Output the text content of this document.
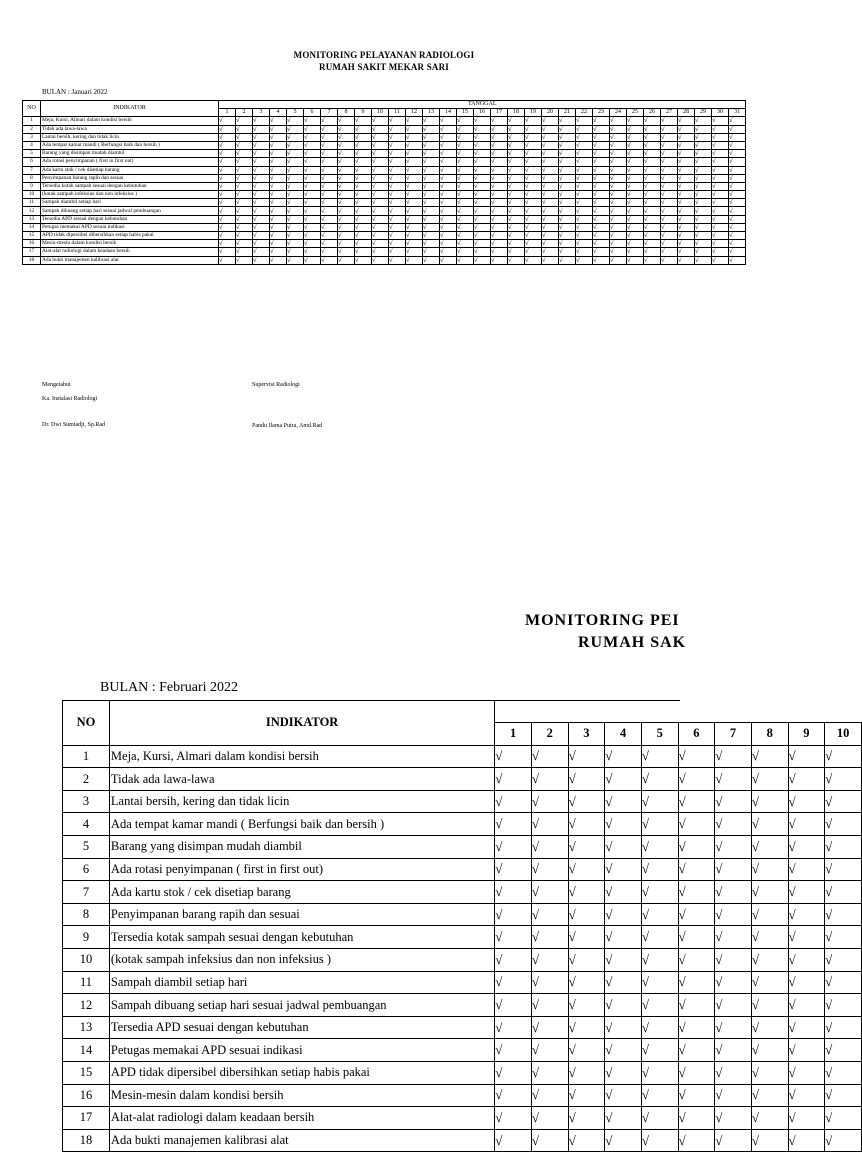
MONITORING PELAYANAN RADIOLOGI
RUMAH SAKIT MEKAR SARI
BULAN : Januari 2022
NO	INDIKATOR	TANGGAL																														
		1	2	3	4	5	6	7	8	9	10	11	12	13	14	15	16	17	18	19	20	21	22	23	24	25	26	27	28	29	30	31
1	Meja, Kursi, Almari dalam kondisi bersih	√	√	√	√	√	√	√	√	√	√	√	√	√	√	√	√	√	√	√	√	√	√	√	√	√	√	√	√	√	√	√
2	Tidak ada lawa-lawa	√	√	√	√	√	√	√	√	√	√	√	√	√	√	√	√	√	√	√	√	√	√	√	√	√	√	√	√	√	√	√
3	Lantai bersih, kering dan tidak licin	√	√	√	√	√	√	√	√	√	√	√	√	√	√	√	√	√	√	√	√	√	√	√	√	√	√	√	√	√	√	√
4	Ada tempat kamar mandi ( Berfungsi baik dan bersih )	√	√	√	√	√	√	√	√	√	√	√	√	√	√	√	√	√	√	√	√	√	√	√	√	√	√	√	√	√	√	√
5	Barang yang disimpan mudah diambil	√	√	√	√	√	√	√	√	√	√	√	√	√	√	√	√	√	√	√	√	√	√	√	√	√	√	√	√	√	√	√
6	Ada rotasi penyimpanan ( first in first out)	√	√	√	√	√	√	√	√	√	√	√	√	√	√	√	√	√	√	√	√	√	√	√	√	√	√	√	√	√	√	√
7	Ada kartu stok / cek disetiap barang	√	√	√	√	√	√	√	√	√	√	√	√	√	√	√	√	√	√	√	√	√	√	√	√	√	√	√	√	√	√	√
8	Penyimpanan barang rapih dan sesuai	√	√	√	√	√	√	√	√	√	√	√	√	√	√	√	√	√	√	√	√	√	√	√	√	√	√	√	√	√	√	√
9	Tersedia kotak sampah sesuai dengan kebutuhan	√	√	√	√	√	√	√	√	√	√	√	√	√	√	√	√	√	√	√	√	√	√	√	√	√	√	√	√	√	√	√
10	(kotak sampah infeksius dan non infeksius )	√	√	√	√	√	√	√	√	√	√	√	√	√	√	√	√	√	√	√	√	√	√	√	√	√	√	√	√	√	√	√
11	Sampah diambil setiap hari	√	√	√	√	√	√	√	√	√	√	√	√	√	√	√	√	√	√	√	√	√	√	√	√	√	√	√	√	√	√	√
12	Sampah dibuang setiap hari sesuai jadwal pembuangan	√	√	√	√	√	√	√	√	√	√	√	√	√	√	√	√	√	√	√	√	√	√	√	√	√	√	√	√	√	√	√
13	Tersedia APD sesuai dengan kebutuhan	√	√	√	√	√	√	√	√	√	√	√	√	√	√	√	√	√	√	√	√	√	√	√	√	√	√	√	√	√	√	√
14	Petugas memakai APD sesuai indikasi	√	√	√	√	√	√	√	√	√	√	√	√	√	√	√	√	√	√	√	√	√	√	√	√	√	√	√	√	√	√	√
15	APD tidak dipersibel dibersihkan setiap habis pakai	√	√	√	√	√	√	√	√	√	√	√	√	√	√	√	√	√	√	√	√	√	√	√	√	√	√	√	√	√	√	√
16	Mesin-mesin dalam kondisi bersih	√	√	√	√	√	√	√	√	√	√	√	√	√	√	√	√	√	√	√	√	√	√	√	√	√	√	√	√	√	√	√
17	Alat-alat radiologi dalam keadaan bersih	√	√	√	√	√	√	√	√	√	√	√	√	√	√	√	√	√	√	√	√	√	√	√	√	√	√	√	√	√	√	√
18	Ada bukti manajemen kalibrasi alat	√	√	√	√	√	√	√	√	√	√	√	√	√	√	√	√	√	√	√	√	√	√	√	√	√	√	√	√	√	√	√
Mengetahui
Ka. Instalasi Radiologi
Dr. Dwi Sumiadji, Sp.Rad
Supervisi Radiologi
Pandu Ilama Putra, Amd.Rad
MONITORING PEI
RUMAH SAK
BULAN : Februari 2022
NO	INDIKATOR										
		1	2	3	4	5	6	7	8	9	10
1	Meja, Kursi, Almari dalam kondisi bersih	√	√	√	√	√	√	√	√	√	√
2	Tidak ada lawa-lawa	√	√	√	√	√	√	√	√	√	√
3	Lantai bersih, kering dan tidak licin	√	√	√	√	√	√	√	√	√	√
4	Ada tempat kamar mandi ( Berfungsi baik dan bersih )	√	√	√	√	√	√	√	√	√	√
5	Barang yang disimpan mudah diambil	√	√	√	√	√	√	√	√	√	√
6	Ada rotasi penyimpanan ( first in first out)	√	√	√	√	√	√	√	√	√	√
7	Ada kartu stok / cek disetiap barang	√	√	√	√	√	√	√	√	√	√
8	Penyimpanan barang rapih dan sesuai	√	√	√	√	√	√	√	√	√	√
9	Tersedia kotak sampah sesuai dengan kebutuhan	√	√	√	√	√	√	√	√	√	√
10	(kotak sampah infeksius dan non infeksius )	√	√	√	√	√	√	√	√	√	√
11	Sampah diambil setiap hari	√	√	√	√	√	√	√	√	√	√
12	Sampah dibuang setiap hari sesuai jadwal pembuangan	√	√	√	√	√	√	√	√	√	√
13	Tersedia APD sesuai dengan kebutuhan	√	√	√	√	√	√	√	√	√	√
14	Petugas memakai APD sesuai indikasi	√	√	√	√	√	√	√	√	√	√
15	APD tidak dipersibel dibersihkan setiap habis pakai	√	√	√	√	√	√	√	√	√	√
16	Mesin-mesin dalam kondisi bersih	√	√	√	√	√	√	√	√	√	√
17	Alat-alat radiologi dalam keadaan bersih	√	√	√	√	√	√	√	√	√	√
18	Ada bukti manajemen kalibrasi alat	√	√	√	√	√	√	√	√	√	√
